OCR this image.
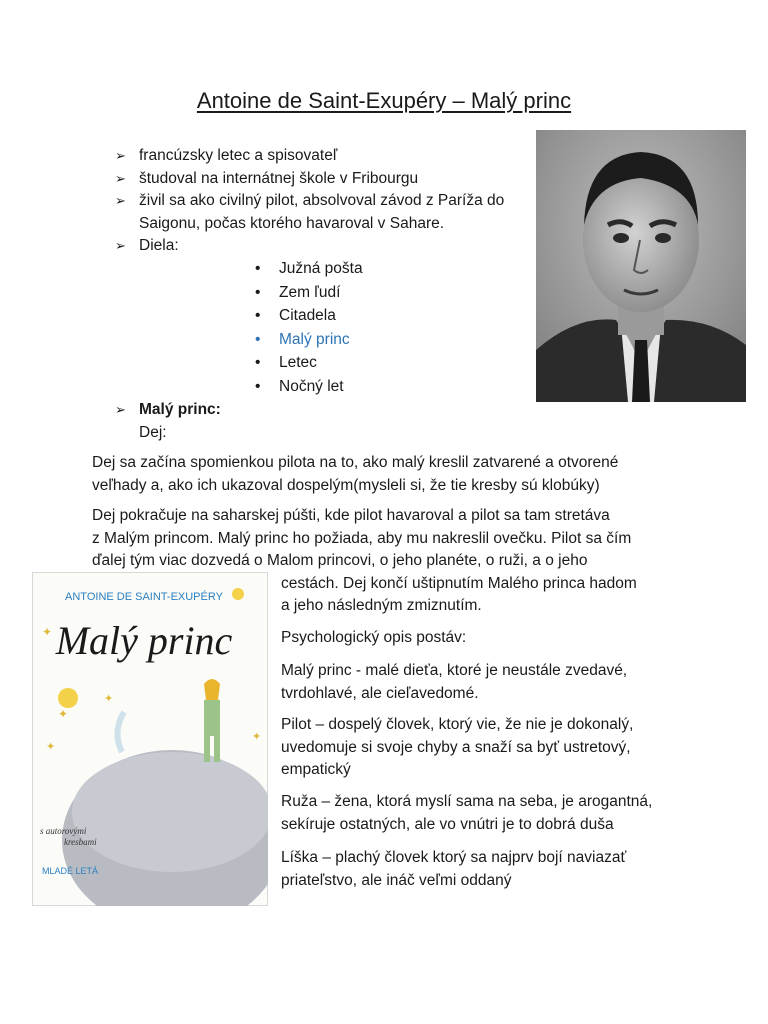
Antoine de Saint-Exupéry – Malý princ
➢ francúzsky letec a spisovateľ
➢ študoval na internátnej škole v Fribourgu
➢ živil sa ako civilný pilot, absolvoval závod z Paríža do
Saigonu, počas ktorého havaroval v Sahare.
➢ Diela:
• Južná pošta
• Zem ľudí
• Citadela
• Malý princ
• Letec
• Nočný let
➢ Malý princ:
Dej:
Dej sa začína spomienkou pilota na to, ako malý kreslil zatvarené a otvorené
veľhady a, ako ich ukazoval dospelým(mysleli si, že tie kresby sú klobúky)
Dej pokračuje na saharskej púšti, kde pilot havaroval a pilot sa tam stretáva
z Malým princom. Malý princ ho požiada, aby mu nakreslil ovečku. Pilot sa čím
ďalej tým viac dozvedá o Malom princovi, o jeho planéte, o ruži, a o jeho
cestách. Dej končí uštipnutím Malého princa hadom
a jeho následným zmiznutím.
Psychologický opis postáv:
Malý princ - malé dieťa, ktoré je neustále zvedavé,
tvrdohlavé, ale cieľavedomé.
Pilot – dospelý človek, ktorý vie, že nie je dokonalý,
uvedomuje si svoje chyby a snaží sa byť ustretový,
empatický
Ruža – žena, ktorá myslí sama na seba, je arogantná,
sekíruje ostatných, ale vo vnútri je to dobrá duša
Líška – plachý človek ktorý sa najprv bojí naviazať
priateľstvo, ale ináč veľmi oddaný
ANTOINE DE SAINT-EXUPÉRY
Malý princ
✦
✦
✦
✦
✦
s autorovými
kresbami
MLADÉ LETÁ
